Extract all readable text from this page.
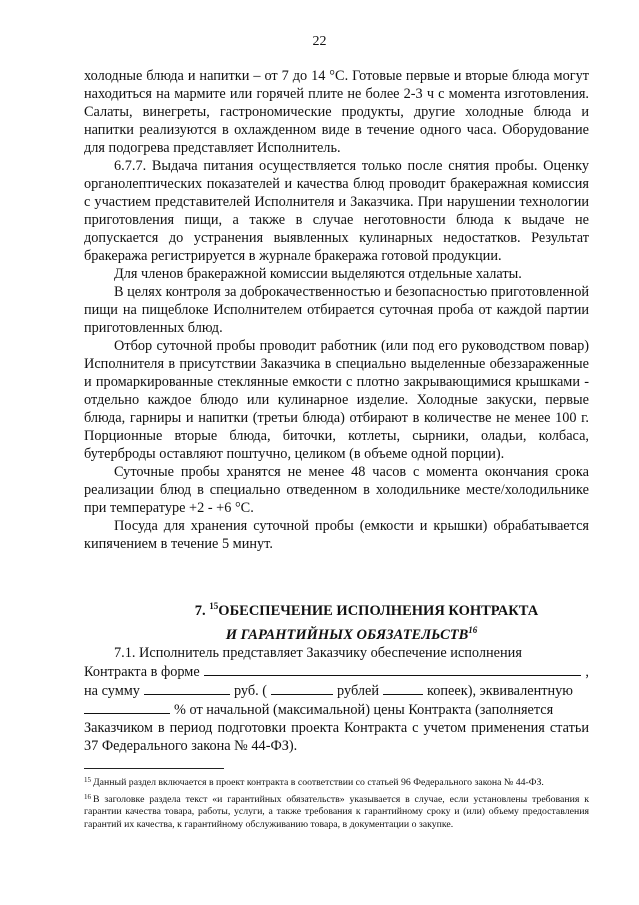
22

холодные блюда и напитки – от 7 до 14 °С. Готовые первые и вторые блюда могут находиться на мармите или горячей плите не более 2-3 ч с момента изготовления. Салаты, винегреты, гастрономические продукты, другие холодные блюда и напитки реализуются в охлажденном виде в течение одного часа. Оборудование для подогрева представляет Исполнитель.

6.7.7. Выдача питания осуществляется только после снятия пробы. Оценку органолептических показателей и качества блюд проводит бракеражная комиссия с участием представителей Исполнителя и Заказчика. При нарушении технологии приготовления пищи, а также в случае неготовности блюда к выдаче не допускается до устранения выявленных кулинарных недостатков. Результат бракеража регистрируется в журнале бракеража готовой продукции.

Для членов бракеражной комиссии выделяются отдельные халаты.

В целях контроля за доброкачественностью и безопасностью приготовленной пищи на пищеблоке Исполнителем отбирается суточная проба от каждой партии приготовленных блюд.

Отбор суточной пробы проводит работник (или под его руководством повар) Исполнителя в присутствии Заказчика в специально выделенные обеззараженные и промаркированные стеклянные емкости с плотно закрывающимися крышками - отдельно каждое блюдо или кулинарное изделие. Холодные закуски, первые блюда, гарниры и напитки (третьи блюда) отбирают в количестве не менее 100 г. Порционные вторые блюда, биточки, котлеты, сырники, оладьи, колбаса, бутерброды оставляют поштучно, целиком (в объеме одной порции).

Суточные пробы хранятся не менее 48 часов с момента окончания срока реализации блюд в специально отведенном в холодильнике месте/холодильнике при температуре +2 - +6 °С.

Посуда для хранения суточной пробы (емкости и крышки) обрабатывается кипячением в течение 5 минут.

7. $^{15}$ОБЕСПЕЧЕНИЕ ИСПОЛНЕНИЯ КОНТРАКТА
И ГАРАНТИЙНЫХ ОБЯЗАТЕЛЬСТВ$^{16}$

7.1. Исполнитель представляет Заказчику обеспечение исполнения

Контракта в форме	,
на сумму	руб. (	рублей	копеек), эквивалентную
% от начальной (максимальной) цены Контракта (заполняется

Заказчиком в период подготовки проекта Контракта с учетом применения статьи 37 Федерального закона № 44-ФЗ).

$^{15}$ Данный раздел включается в проект контракта в соответствии со статьей 96 Федерального закона № 44-ФЗ.

$^{16}$ В заголовке раздела текст «и гарантийных обязательств» указывается в случае, если установлены требования к гарантии качества товара, работы, услуги, а также требования к гарантийному сроку и (или) объему предоставления гарантий их качества, к гарантийному обслуживанию товара, в документации о закупке.
